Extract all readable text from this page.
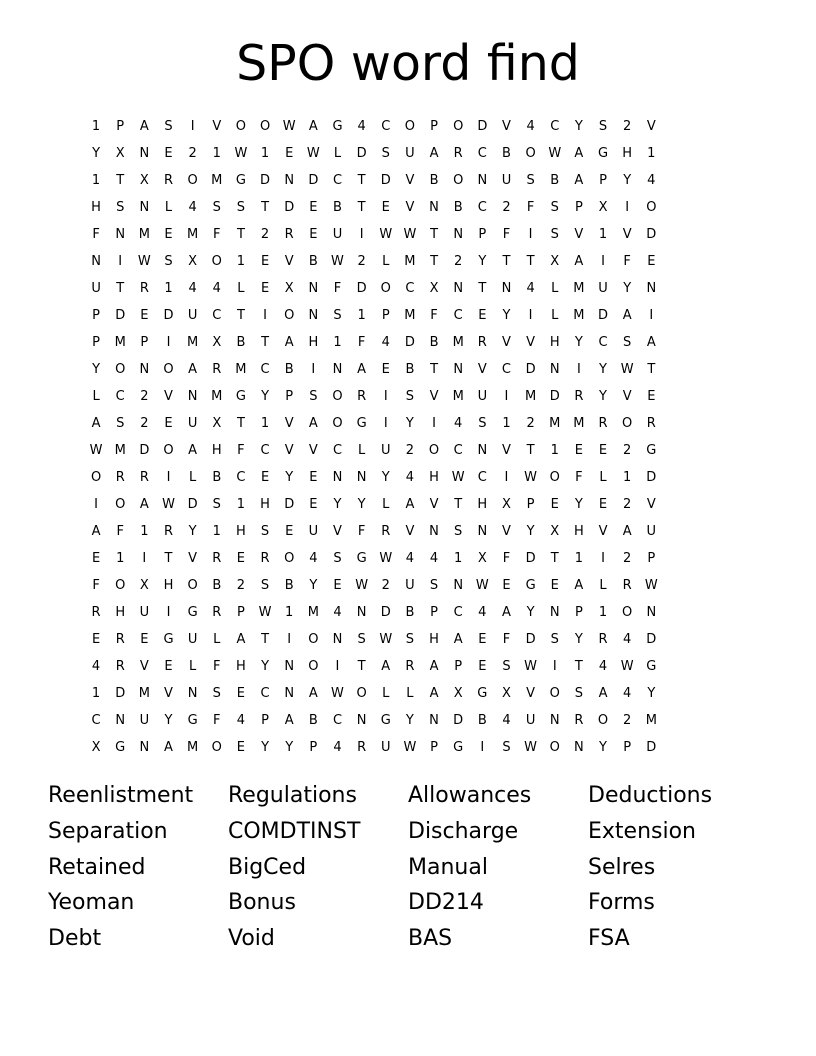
SPO word find
1	P	A	S	I	V	O	O W	A	G	4	C	O	P	O	D	V	4	C	Y	S	2	V
Y	X	N	E	2	1	W	1	E	W	L	D	S	U	A	R	C	B	O W	A	G	H	1
1	T	X	R	O	M	G	D	N	D	C	T	D	V	B	O	N	U	S	B	A	P	Y	4
H	S	N	L	4	S	S	T	D	E	B	T	E	V	N	B	C	2	F	S	P	X	I	O
F	N	M	E	M	F	T	2	R	E	U	I	W W	T	N	P	F	I	S	V	1	V	D
N	I	W	S	X	O	1	E	V	B	W	2	L	M	T	2	Y	T	T	X	A	I	F	E
U	T	R	1	4	4	L	E	X	N	F	D	O	C	X	N	T	N	4	L	M	U	Y	N
P	D	E	D	U	C	T	I	O	N	S	1	P	M	F	C	E	Y	I	L	M	D	A	I
P	M	P	I	M	X	B	T	A	H	1	F	4	D	B	M	R	V	V	H	Y	C	S	A
Y	O	N	O	A	R	M	C	B	I	N	A	E	B	T	N	V	C	D	N	I	Y	W	T
L	C	2	V	N	M	G	Y	P	S	O	R	I	S	V	M	U	I	M	D	R	Y	V	E
A	S	2	E	U	X	T	1	V	A	O	G	I	Y	I	4	S	1	2	M M	R	O	R
W M	D	O	A	H	F	C	V	V	C	L	U	2	O	C	N	V	T	1	E	E	2	G
O	R	R	I	L	B	C	E	Y	E	N	N	Y	4	H W	C	I	W O	F	L	1	D
I	O	A	W D	S	1	H	D	E	Y	Y	L	A	V	T	H	X	P	E	Y	E	2	V
A	F	1	R	Y	1	H	S	E	U	V	F	R	V	N	S	N	V	Y	X	H	V	A	U
E	1	I	T	V	R	E	R	O	4	S	G W	4	4	1	X	F	D	T	1	I	2	P
F	O	X	H	O	B	2	S	B	Y	E	W	2	U	S	N W	E	G	E	A	L	R	W
R	H	U	I	G	R	P	W	1	M	4	N	D	B	P	C	4	A	Y	N	P	1	O	N
E	R	E	G	U	L	A	T	I	O	N	S	W	S	H	A	E	F	D	S	Y	R	4	D
4	R	V	E	L	F	H	Y	N	O	I	T	A	R	A	P	E	S	W	I	T	4	W G
1	D	M	V	N	S	E	C	N	A	W O	L	L	A	X	G	X	V	O	S	A	4	Y
C	N	U	Y	G	F	4	P	A	B	C	N	G	Y	N	D	B	4	U	N	R	O	2	M
X	G	N	A	M	O	E	Y	Y	P	4	R	U W	P	G	I	S	W O	N	Y	P	D
Reenlistment	Regulations	Allowances	Deductions
Separation	COMDTINST	Discharge	Extension
Retained	BigCed	Manual	Selres
Yeoman	Bonus	DD214	Forms
Debt	Void	BAS	FSA
